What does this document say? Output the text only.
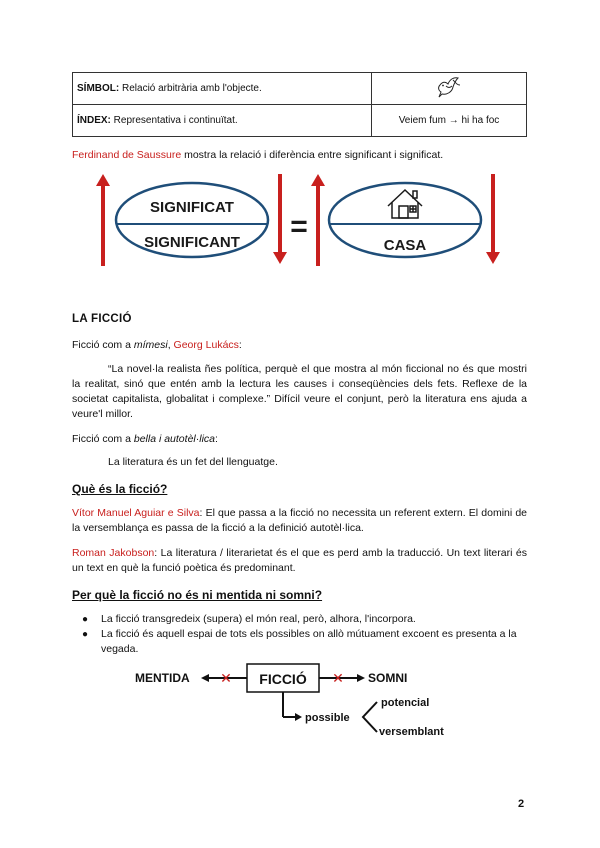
SÍMBOL: Relació arbitrària amb l'objecte.	
ÍNDEX: Representativa i continuïtat.	Veiem fum → hi ha foc
Ferdinand de Saussure mostra la relació i diferència entre significant i significat.
SIGNIFICAT
SIGNIFICANT =
CASA
LA FICCIÓ
Ficció com a mímesi, Georg Lukács:
“La novel·la realista ñes política, perquè el que mostra al món ficcional no és que mostri la realitat, sinó que entén amb la lectura les causes i conseqüències dels fets. Reflexe de la societat capitalista, globalitat i complexe.” Difícil veure el conjunt, però la literatura ens ajuda a veure'l millor.
Ficció com a bella i autotèl·lica:
La literatura és un fet del llenguatge.
Què és la ficció?
Vítor Manuel Aguiar e Silva: El que passa a la ficció no necessita un referent extern. El domini de la versemblança es passa de la ficció a la definició autotèl·lica.
Roman Jakobson: La literatura / literarietat és el que es perd amb la traducció. Un text literari és un text en què la funció poètica és predominant.
Per què la ficció no és ni mentida ni somni?
● La ficció transgredeix (supera) el món real, però, alhora, l'incorpora.
● La ficció és aquell espai de tots els possibles on allò mútuament excoent es presenta a la vegada.
MENTIDA ✕ FICCIÓ ✕ SOMNI
possible
potencial
versemblant
2
